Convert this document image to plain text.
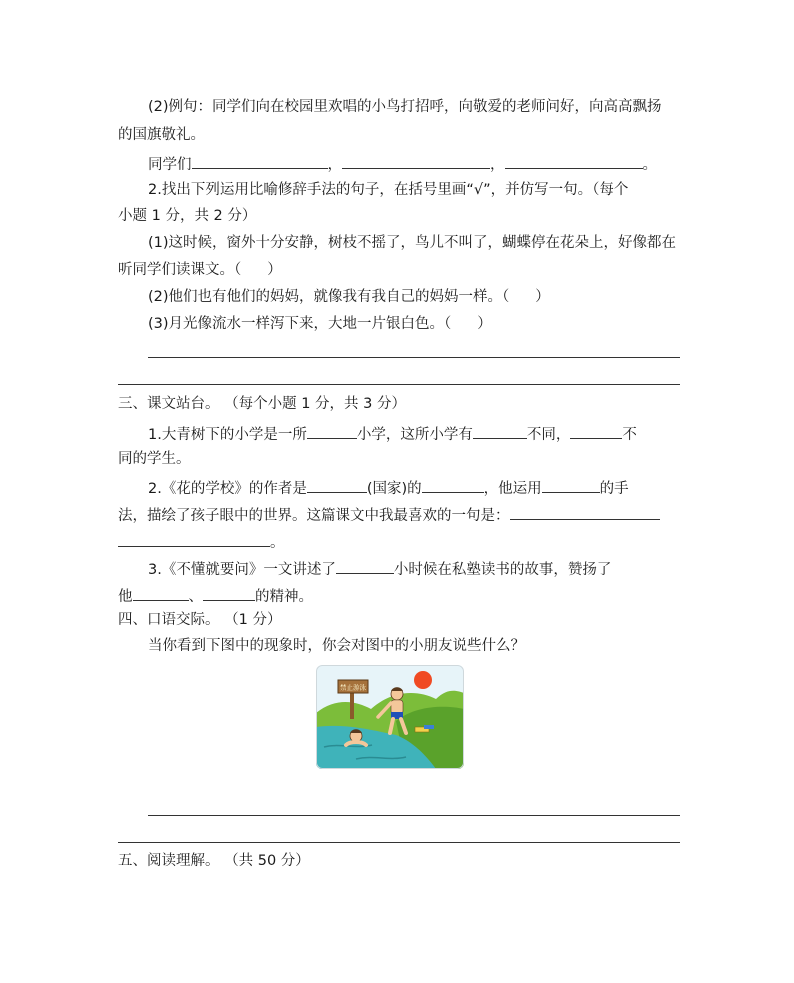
(2)例句：同学们向在校园里欢唱的小鸟打招呼，向敬爱的老师问好，向高高飘扬
的国旗敬礼。
同学们	，	，	。
2.找出下列运用比喻修辞手法的句子，在括号里画“√”，并仿写一句。（每个
小题 1 分，共 2 分）
(1)这时候，窗外十分安静，树枝不摇了，鸟儿不叫了，蝴蝶停在花朵上，好像都在
听同学们读课文。（ ）
(2)他们也有他们的妈妈，就像我有我自己的妈妈一样。（ ）
(3)月光像流水一样泻下来，大地一片银白色。（ ）
三、课文站台。 （每个小题 1 分，共 3 分）
1.大青树下的小学是一所	小学，这所小学有	不同，	不
同的学生。
2.《花的学校》的作者是	(国家)的	，他运用	的手
法，描绘了孩子眼中的世界。这篇课文中我最喜欢的一句是：
。
3.《不懂就要问》一文讲述了	小时候在私塾读书的故事，赞扬了
他	、	的精神。
四、口语交际。 （1 分）
当你看到下图中的现象时，你会对图中的小朋友说些什么？
禁止游泳
五、阅读理解。 （共 50 分）
